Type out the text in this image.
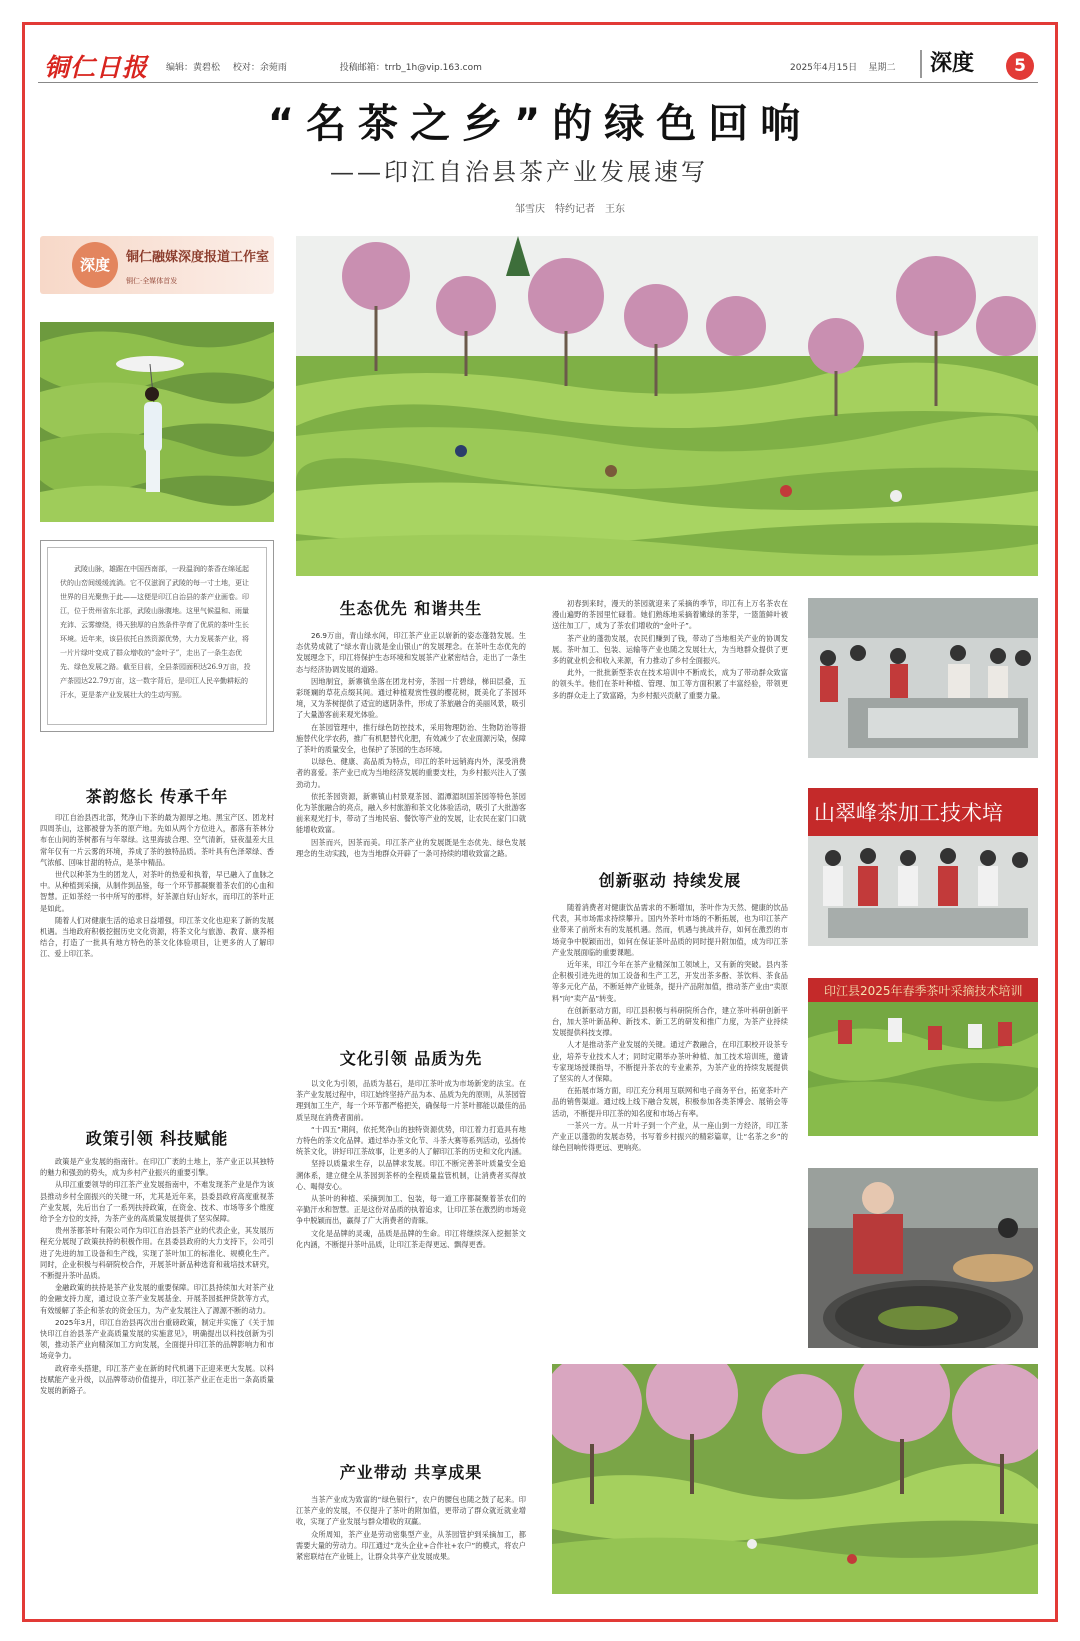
铜仁日报 编辑：黄碧松 校对：余菀雨	投稿邮箱：trrb_1h@vip.163.com	2025年4月15日 星期二	深度	5
“名茶之乡”的绿色回响
——印江自治县茶产业发展速写
邹雪庆　特约记者　王东
深度	铜仁融媒深度报道工作室
铜仁·全媒体首发
武陵山脉，雄踞在中国西南部，一段温润的茶香在绵延起伏的山峦间缓缓流淌。它不仅滋润了武陵的每一寸土地，更让世界的目光聚焦于此——这便是印江自治县的茶产业画卷。印江，位于贵州省东北部，武陵山脉腹地。这里气候温和、雨量充沛、云雾缭绕，得天独厚的自然条件孕育了优质的茶叶生长环境。近年来，该县依托自然资源优势，大力发展茶产业，将一片片绿叶变成了群众增收的“金叶子”，走出了一条生态优先、绿色发展之路。截至目前，全县茶园面积达26.9万亩，投产茶园达22.79万亩，这一数字背后，是印江人民辛勤耕耘的汗水，更是茶产业发展壮大的生动写照。
山翠峰茶加工技术培
印江县2025年春季茶叶采摘技术培训
茶韵悠长 传承千年

印江自治县西北部，梵净山下茶的最为源厚之地。黑宝产区、团龙村四周茶山，这都被誉为茶的原产地。先如从两个方位进入，都落有茶林分布在山间的茶树都有与年翠绿。这里海拔合理、空气清新，昼夜温差大且常年仅有一片云雾的环境，养成了茶的独特品质。茶叶具有色泽翠绿、香气浓郁、回味甘甜的特点，是茶中精品。

世代以种茶为生的团龙人，对茶叶的热爱和执着，早已融入了血脉之中。从种植到采摘，从制作到品鉴，每一个环节都凝聚着茶农们的心血和智慧。正如茶经一书中所写的那样，好茶源自好山好水，而印江的茶叶正是如此。

随着人们对健康生活的追求日益增强，印江茶文化也迎来了新的发展机遇。当地政府积极挖掘历史文化资源，将茶文化与旅游、教育、康养相结合，打造了一批具有地方特色的茶文化体验项目，让更多的人了解印江、爱上印江茶。

政策引领 科技赋能

政策是产业发展的指南针。在印江广袤的土地上，茶产业正以其独特的魅力和强劲的势头，成为乡村产业振兴的重要引擎。

从印江重要领导的印江茶产业发展指南中，不难发现茶产业是作为该县推动乡村全面振兴的关键一环，尤其是近年来，县委县政府高度重视茶产业发展，先后出台了一系列扶持政策，在资金、技术、市场等多个维度给予全方位的支持，为茶产业的高质量发展提供了坚实保障。

贵州茶都茶叶有限公司作为印江自治县茶产业的代表企业，其发展历程充分展现了政策扶持的积极作用。在县委县政府的大力支持下，公司引进了先进的加工设备和生产线，实现了茶叶加工的标准化、规模化生产。同时，企业积极与科研院校合作，开展茶叶新品种选育和栽培技术研究，不断提升茶叶品质。

金融政策的扶持是茶产业发展的重要保障。印江县持续加大对茶产业的金融支持力度，通过设立茶产业发展基金、开展茶园抵押贷款等方式，有效缓解了茶企和茶农的资金压力，为产业发展注入了源源不断的动力。

2025年3月，印江自治县再次出台重磅政策，制定并实施了《关于加快印江自治县茶产业高质量发展的实施意见》，明确提出以科技创新为引领，推动茶产业向精深加工方向发展，全面提升印江茶的品牌影响力和市场竞争力。

政府牵头搭建，印江茶产业在新的时代机遇下正迎来更大发展。以科技赋能产业升级，以品牌带动价值提升，印江茶产业正在走出一条高质量发展的新路子。

生态优先 和谐共生

26.9万亩，青山绿水间，印江茶产业正以崭新的姿态蓬勃发展。生态优势成就了“绿水青山就是金山银山”的发展理念。在茶叶生态优先的发展理念下，印江将保护生态环境和发展茶产业紧密结合，走出了一条生态与经济协调发展的道路。

因地制宜，新寨镇坐落在团龙村旁，茶园一片碧绿，梯田层叠，五彩斑斓的草花点缀其间。通过种植观赏性强的樱花树，既美化了茶园环境，又为茶树提供了适宜的遮阴条件，形成了茶旅融合的美丽风景，吸引了大量游客前来观光体验。

在茶园管理中，推行绿色防控技术，采用物理防治、生物防治等措施替代化学农药，推广有机肥替代化肥，有效减少了农业面源污染，保障了茶叶的质量安全，也保护了茶园的生态环境。

以绿色、健康、高品质为特点，印江的茶叶远销海内外，深受消费者的喜爱。茶产业已成为当地经济发展的重要支柱，为乡村振兴注入了强劲动力。

依托茶园资源，新寨镇山村景观茶园、湄潭湄坝国茶园等特色茶园化为茶旅融合的亮点，融入乡村旅游和茶文化体验活动，吸引了大批游客前来观光打卡，带动了当地民宿、餐饮等产业的发展，让农民在家门口就能增收致富。

因茶而兴，因茶而美。印江茶产业的发展既是生态优先、绿色发展理念的生动实践，也为当地群众开辟了一条可持续的增收致富之路。

文化引领 品质为先

以文化为引领，品质为基石，是印江茶叶成为市场新宠的法宝。在茶产业发展过程中，印江始终坚持产品为本、品质为先的原则，从茶园管理到加工生产，每一个环节都严格把关，确保每一片茶叶都能以最佳的品质呈现在消费者面前。

“十四五”期间，依托梵净山的独特资源优势，印江着力打造具有地方特色的茶文化品牌。通过举办茶文化节、斗茶大赛等系列活动，弘扬传统茶文化，讲好印江茶故事，让更多的人了解印江茶的历史和文化内涵。

坚持以质量求生存，以品牌求发展。印江不断完善茶叶质量安全追溯体系，建立健全从茶园到茶杯的全程质量监管机制，让消费者买得放心、喝得安心。

从茶叶的种植、采摘到加工、包装，每一道工序都凝聚着茶农们的辛勤汗水和智慧。正是这份对品质的执着追求，让印江茶在激烈的市场竞争中脱颖而出，赢得了广大消费者的青睐。

文化是品牌的灵魂，品质是品牌的生命。印江将继续深入挖掘茶文化内涵，不断提升茶叶品质，让印江茶走得更远、飘得更香。

产业带动 共享成果

当茶产业成为致富的“绿色银行”，农户的腰包也随之鼓了起来。印江茶产业的发展，不仅提升了茶叶的附加值，更带动了群众就近就业增收，实现了产业发展与群众增收的双赢。

众所周知，茶产业是劳动密集型产业，从茶园管护到采摘加工，都需要大量的劳动力。印江通过“龙头企业+合作社+农户”的模式，将农户紧密联结在产业链上，让群众共享产业发展成果。

初春到来时，漫天的茶园就迎来了采摘的季节，印江有上万名茶农在漫山遍野的茶园里忙碌着。她们熟练地采摘着嫩绿的茶芽，一篮篮鲜叶被送往加工厂，成为了茶农们增收的“金叶子”。

茶产业的蓬勃发展，农民们赚到了钱，带动了当地相关产业的协调发展。茶叶加工、包装、运输等产业也随之发展壮大，为当地群众提供了更多的就业机会和收入来源，有力推动了乡村全面振兴。

此外，一批批新型茶农在技术培训中不断成长，成为了带动群众致富的领头羊。他们在茶叶种植、管理、加工等方面积累了丰富经验，带领更多的群众走上了致富路，为乡村振兴贡献了重要力量。

创新驱动 持续发展

随着消费者对健康饮品需求的不断增加，茶叶作为天然、健康的饮品代表，其市场需求持续攀升。国内外茶叶市场的不断拓展，也为印江茶产业带来了前所未有的发展机遇。然而，机遇与挑战并存，如何在激烈的市场竞争中脱颖而出，如何在保证茶叶品质的同时提升附加值，成为印江茶产业发展面临的重要课题。

近年来，印江今年在茶产业精深加工领域上，又有新的突破。县内茶企积极引进先进的加工设备和生产工艺，开发出茶多酚、茶饮料、茶食品等多元化产品，不断延伸产业链条，提升产品附加值，推动茶产业由“卖原料”向“卖产品”转变。

在创新驱动方面，印江县积极与科研院所合作，建立茶叶科研创新平台，加大茶叶新品种、新技术、新工艺的研发和推广力度，为茶产业持续发展提供科技支撑。

人才是推动茶产业发展的关键。通过产教融合，在印江职校开设茶专业，培养专业技术人才；同时定期举办茶叶种植、加工技术培训班，邀请专家现场授课指导，不断提升茶农的专业素养，为茶产业的持续发展提供了坚实的人才保障。

在拓展市场方面，印江充分利用互联网和电子商务平台，拓宽茶叶产品的销售渠道。通过线上线下融合发展，积极参加各类茶博会、展销会等活动，不断提升印江茶的知名度和市场占有率。

一茶兴一方。从一片叶子到一个产业，从一座山到一方经济，印江茶产业正以蓬勃的发展态势，书写着乡村振兴的精彩篇章，让“名茶之乡”的绿色回响传得更远、更响亮。
